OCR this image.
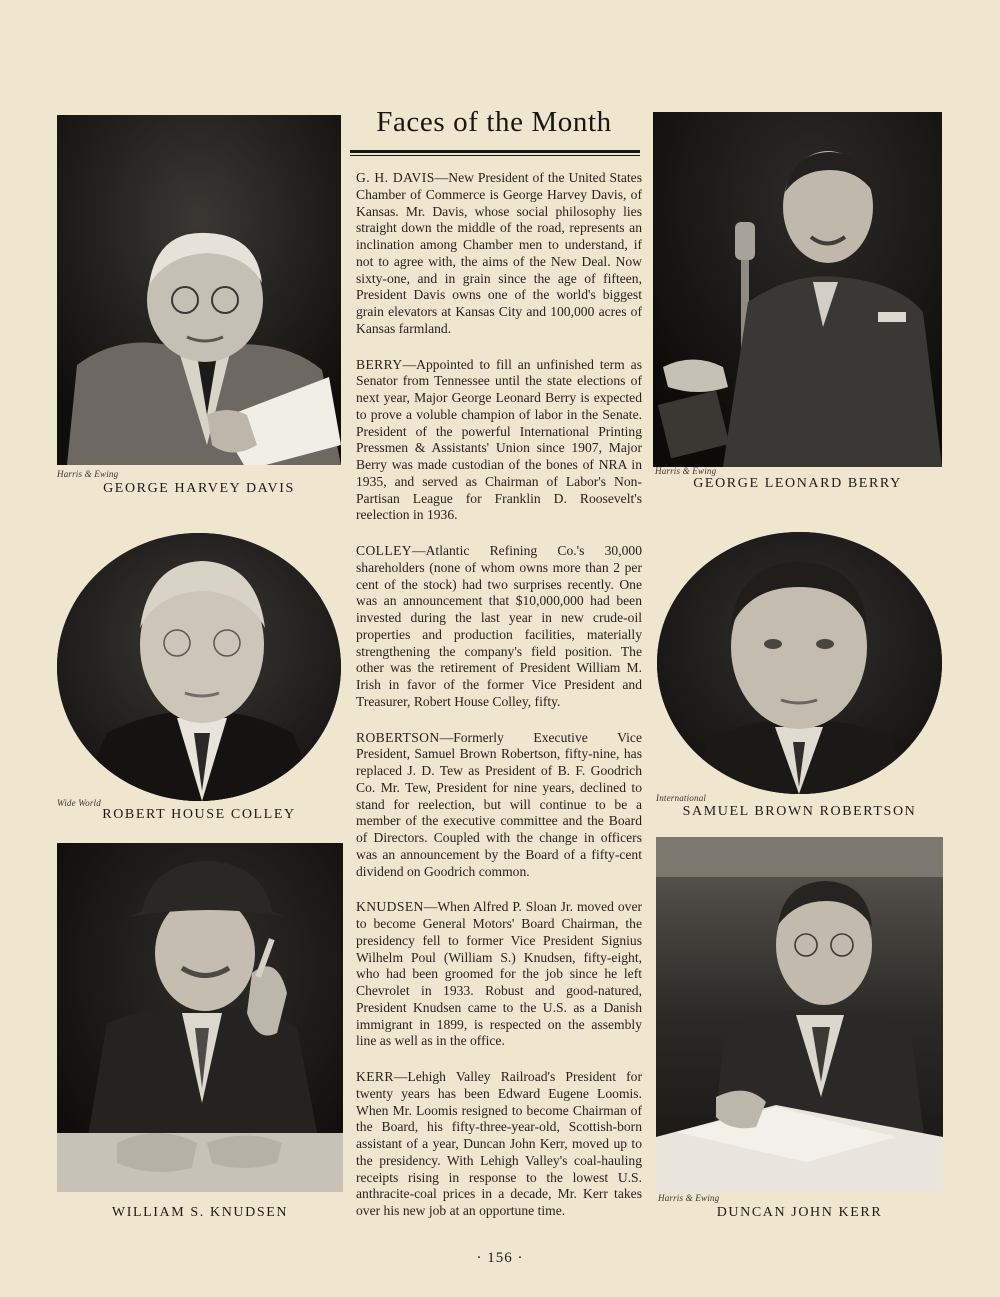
Harris & Ewing
GEORGE HARVEY DAVIS
Harris & Ewing
GEORGE LEONARD BERRY
Wide World
ROBERT HOUSE COLLEY
International
SAMUEL BROWN ROBERTSON
WILLIAM S. KNUDSEN
Harris & Ewing
DUNCAN JOHN KERR
Faces of the Month

G. H. DAVIS—New President of the United States Chamber of Commerce is George Harvey Davis, of Kansas. Mr. Davis, whose social philosophy lies straight down the middle of the road, represents an inclination among Chamber men to understand, if not to agree with, the aims of the New Deal. Now sixty-one, and in grain since the age of fifteen, President Davis owns one of the world's biggest grain elevators at Kansas City and 100,000 acres of Kansas farmland.

BERRY—Appointed to fill an unfinished term as Senator from Tennessee until the state elections of next year, Major George Leonard Berry is expected to prove a voluble champion of labor in the Senate. President of the powerful International Printing Pressmen & Assistants' Union since 1907, Major Berry was made custodian of the bones of NRA in 1935, and served as Chairman of Labor's Non-Partisan League for Franklin D. Roosevelt's reelection in 1936.

COLLEY—Atlantic Refining Co.'s 30,000 shareholders (none of whom owns more than 2 per cent of the stock) had two surprises recently. One was an announcement that $10,000,000 had been invested during the last year in new crude-oil properties and production facilities, materially strengthening the company's field position. The other was the retirement of President William M. Irish in favor of the former Vice President and Treasurer, Robert House Colley, fifty.

ROBERTSON—Formerly Executive Vice President, Samuel Brown Robertson, fifty-nine, has replaced J. D. Tew as President of B. F. Goodrich Co. Mr. Tew, President for nine years, declined to stand for reelection, but will continue to be a member of the executive committee and the Board of Directors. Coupled with the change in officers was an announcement by the Board of a fifty-cent dividend on Goodrich common.

KNUDSEN—When Alfred P. Sloan Jr. moved over to become General Motors' Board Chairman, the presidency fell to former Vice President Signius Wilhelm Poul (William S.) Knudsen, fifty-eight, who had been groomed for the job since he left Chevrolet in 1933. Robust and good-natured, President Knudsen came to the U.S. as a Danish immigrant in 1899, is respected on the assembly line as well as in the office.

KERR—Lehigh Valley Railroad's President for twenty years has been Edward Eugene Loomis. When Mr. Loomis resigned to become Chairman of the Board, his fifty-three-year-old, Scottish-born assistant of a year, Duncan John Kerr, moved up to the presidency. With Lehigh Valley's coal-hauling receipts rising in response to the lowest U.S. anthracite-coal prices in a decade, Mr. Kerr takes over his new job at an opportune time.

· 156 ·
